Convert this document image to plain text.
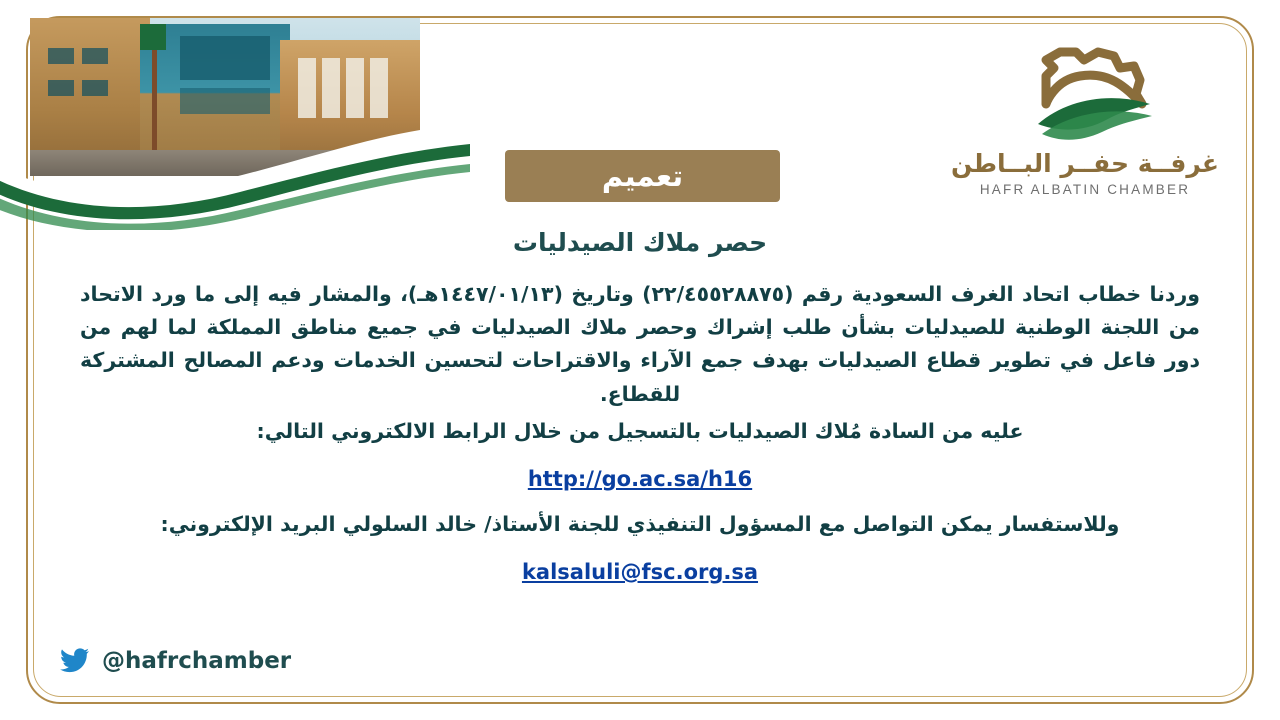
غرفــة حفــر البــاطن
HAFR ALBATIN CHAMBER
تعميم
حصر ملاك الصيدليات

وردنا خطاب اتحاد الغرف السعودية رقم (٢٢/٤٥٥٢٨٨٧٥) وتاريخ (١٤٤٧/٠١/١٣هـ)، والمشار فيه إلى ما ورد الاتحاد من اللجنة الوطنية للصيدليات بشأن طلب إشراك وحصر ملاك الصيدليات في جميع مناطق المملكة لما لهم من دور فاعل في تطوير قطاع الصيدليات بهدف جمع الآراء والاقتراحات لتحسين الخدمات ودعم المصالح المشتركة للقطاع.

عليه من السادة مُلاك الصيدليات بالتسجيل من خلال الرابط الالكتروني التالي:

http://go.ac.sa/h16

وللاستفسار يمكن التواصل مع المسؤول التنفيذي للجنة الأستاذ/ خالد السلولي البريد الإلكتروني:

kalsaluli@fsc.org.sa
@hafrchamber
